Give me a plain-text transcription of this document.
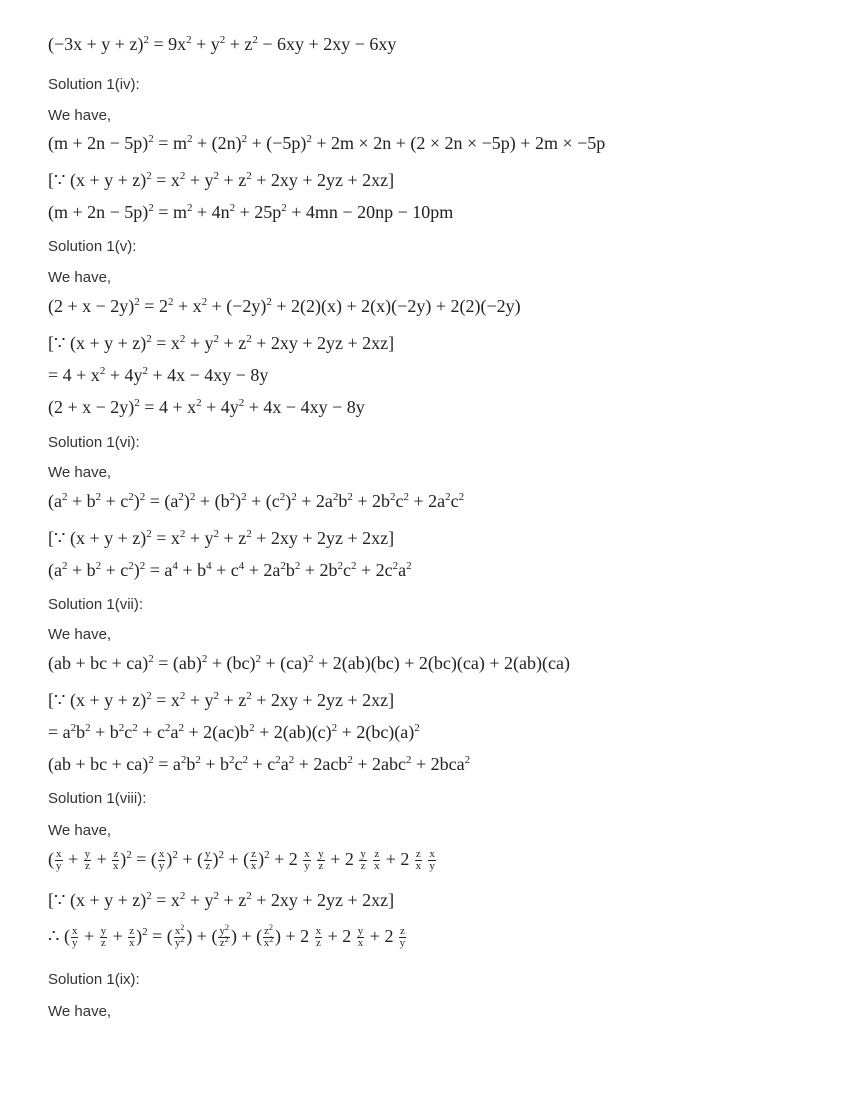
$(-3x + y + z)^2 = 9x^2 + y^2 + z^2 - 6xy + 2xy - 6xy$
Solution 1(iv):
We have,
$(m + 2n - 5p)^2 = m^2 + (2n)^2 + (-5p)^2 + 2m \times 2n + (2 \times 2n \times -5p) + 2m \times -5p$
[∵ $(x + y + z)^2 = x^2 + y^2 + z^2 + 2xy + 2yz + 2xz$]
$(m + 2n - 5p)^2 = m^2 + 4n^2 + 25p^2 + 4mn - 20np - 10pm$
Solution 1(v):
We have,
$(2 + x - 2y)^2 = 2^2 + x^2 + (-2y)^2 + 2(2)(x) + 2(x)(-2y) + 2(2)(-2y)$
[∵ $(x + y + z)^2 = x^2 + y^2 + z^2 + 2xy + 2yz + 2xz$]
= $4 + x^2 + 4y^2 + 4x - 4xy - 8y$
$(2 + x - 2y)^2 = 4 + x^2 + 4y^2 + 4x - 4xy - 8y$
Solution 1(vi):
We have,
$(a^2 + b^2 + c^2)^2 = (a^2)^2 + (b^2)^2 + (c^2)^2 + 2a^2b^2 + 2b^2c^2 + 2a^2c^2$
[∵ $(x + y + z)^2 = x^2 + y^2 + z^2 + 2xy + 2yz + 2xz$]
$(a^2 + b^2 + c^2)^2 = a^4 + b^4 + c^4 + 2a^2b^2 + 2b^2c^2 + 2c^2a^2$
Solution 1(vii):
We have,
(ab + bc + ca)$^2$ = (ab)$^2$ + (bc)$^2$ + (ca)$^2$ + 2(ab)(bc) + 2(bc)(ca) + 2(ab)(ca)
[∵ $(x + y + z)^2 = x^2 + y^2 + z^2 + 2xy + 2yz + 2xz$]
= $a^2b^2 + b^2c^2 + c^2a^2 + 2(ac)b^2 + 2(ab)(c)^2 + 2(bc)(a)^2$
(ab + bc + $ca)^2 = a^2b^2 + b^2c^2 + c^2a^2 + 2acb^2 + 2abc^2 + 2bca^2$
Solution 1(viii):
We have,
( $\frac{x}{y} + \frac{y}{z} + \frac{z}{x} )^2$ = ( $\frac{x}{y} )^2$ + ( $\frac{y}{z} )^2$ + ( $\frac{z}{x} )^2 + 2 \frac{x}{y}$
$\frac{y}{z} + 2 \frac{y}{z}$
$\frac{z}{x} + 2 \frac{z}{x}$
$\frac{x}{y}$
[∵ $(x + y + z)^2 = x^2 + y^2 + z^2 + 2xy + 2yz + 2xz$]
∴ ( $\frac{x}{y} + \frac{y}{z} + \frac{z}{x} )^2$ = ( $\frac{x^2}{y^2}$ ) + ( $\frac{y^2}{z^2}$ ) + ( $\frac{z^2}{x^2}$ ) + $2 \frac{x}{z} + 2 \frac{y}{x} + 2 \frac{z}{y}$
Solution 1(ix):
We have,
